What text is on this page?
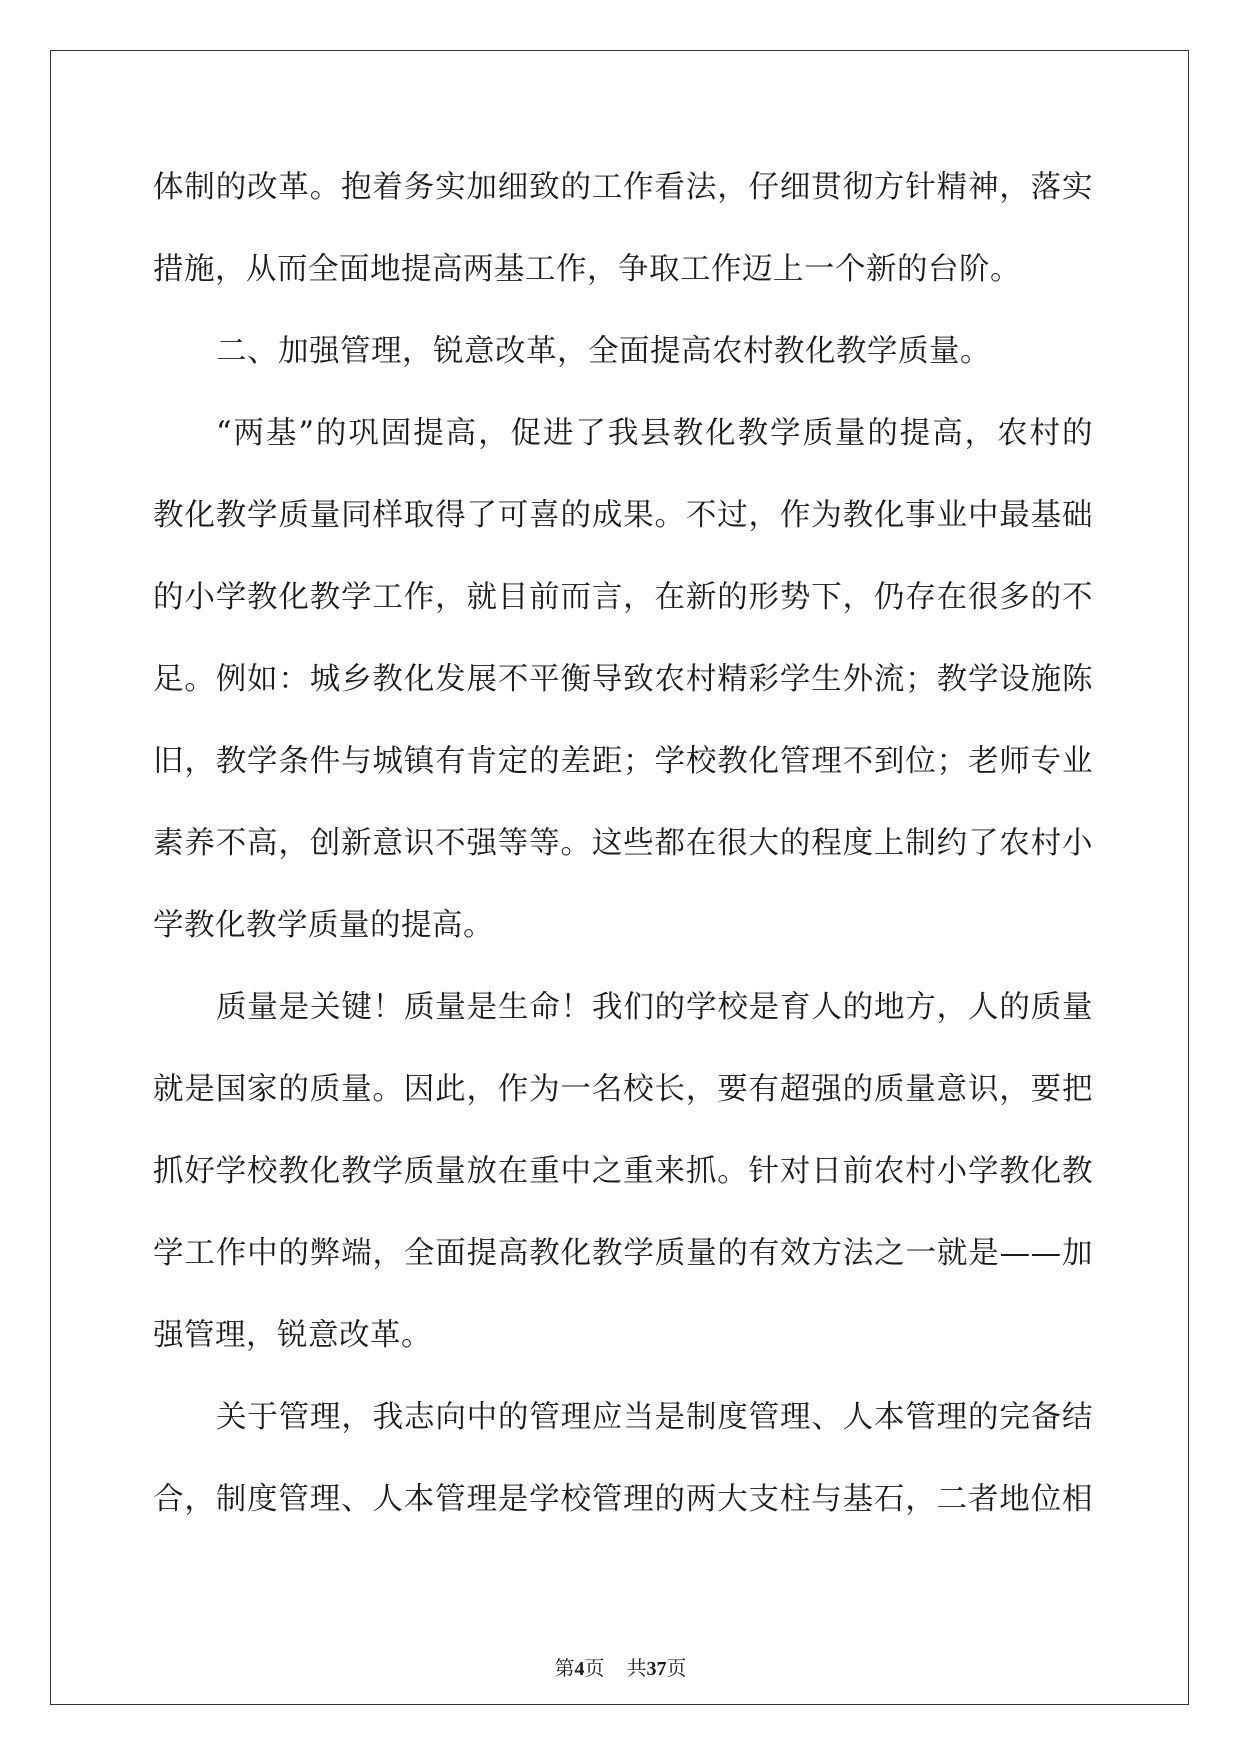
体制的改革。抱着务实加细致的工作看法，仔细贯彻方针精神，落实
措施，从而全面地提高两基工作，争取工作迈上一个新的台阶。
二、加强管理，锐意改革，全面提高农村教化教学质量。
“两基”的巩固提高，促进了我县教化教学质量的提高，农村的
教化教学质量同样取得了可喜的成果。不过，作为教化事业中最基础
的小学教化教学工作，就目前而言，在新的形势下，仍存在很多的不
足。例如：城乡教化发展不平衡导致农村精彩学生外流；教学设施陈
旧，教学条件与城镇有肯定的差距；学校教化管理不到位；老师专业
素养不高，创新意识不强等等。这些都在很大的程度上制约了农村小
学教化教学质量的提高。
质量是关键！质量是生命！我们的学校是育人的地方，人的质量
就是国家的质量。因此，作为一名校长，要有超强的质量意识，要把
抓好学校教化教学质量放在重中之重来抓。针对日前农村小学教化教
学工作中的弊端，全面提高教化教学质量的有效方法之一就是——加
强管理，锐意改革。
关于管理，我志向中的管理应当是制度管理、人本管理的完备结
合，制度管理、人本管理是学校管理的两大支柱与基石，二者地位相
第4页 共37页
